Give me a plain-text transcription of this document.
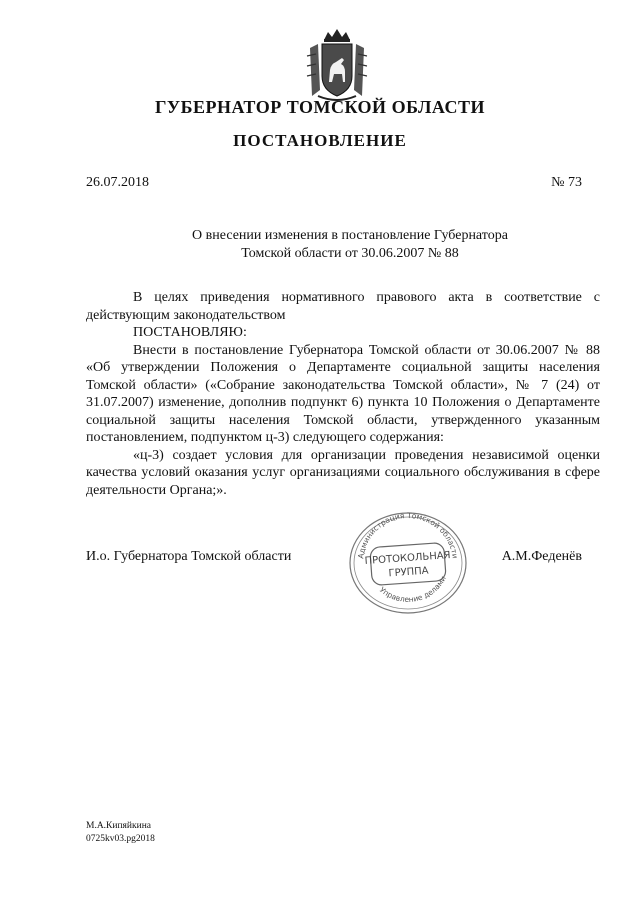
ГУБЕРНАТОР ТОМСКОЙ ОБЛАСТИ
ПОСТАНОВЛЕНИЕ
26.07.2018	№ 73
О внесении изменения в постановление Губернатора
Томской области от 30.06.2007 № 88

В целях приведения нормативного правового акта в соответствие с действующим законодательством

ПОСТАНОВЛЯЮ:

Внести в постановление Губернатора Томской области от 30.06.2007 № 88 «Об утверждении Положения о Департаменте социальной защиты населения Томской области» («Собрание законодательства Томской области», № 7 (24) от 31.07.2007) изменение, дополнив подпункт 6) пункта 10 Положения о Департаменте социальной защиты населения Томской области, утвержденного указанным постановлением, подпунктом ц-3) следующего содержания:

«ц-3) создает условия для организации проведения независимой оценки качества условий оказания услуг организациями социального обслуживания в сфере деятельности Органа;».

И.о. Губернатора Томской области	А.М.Феденёв
Администрация Томской области
Управление делами
ПРОТОКОЛЬНАЯ
ГРУППА
М.А.Кипяйкина
0725kv03.pg2018
